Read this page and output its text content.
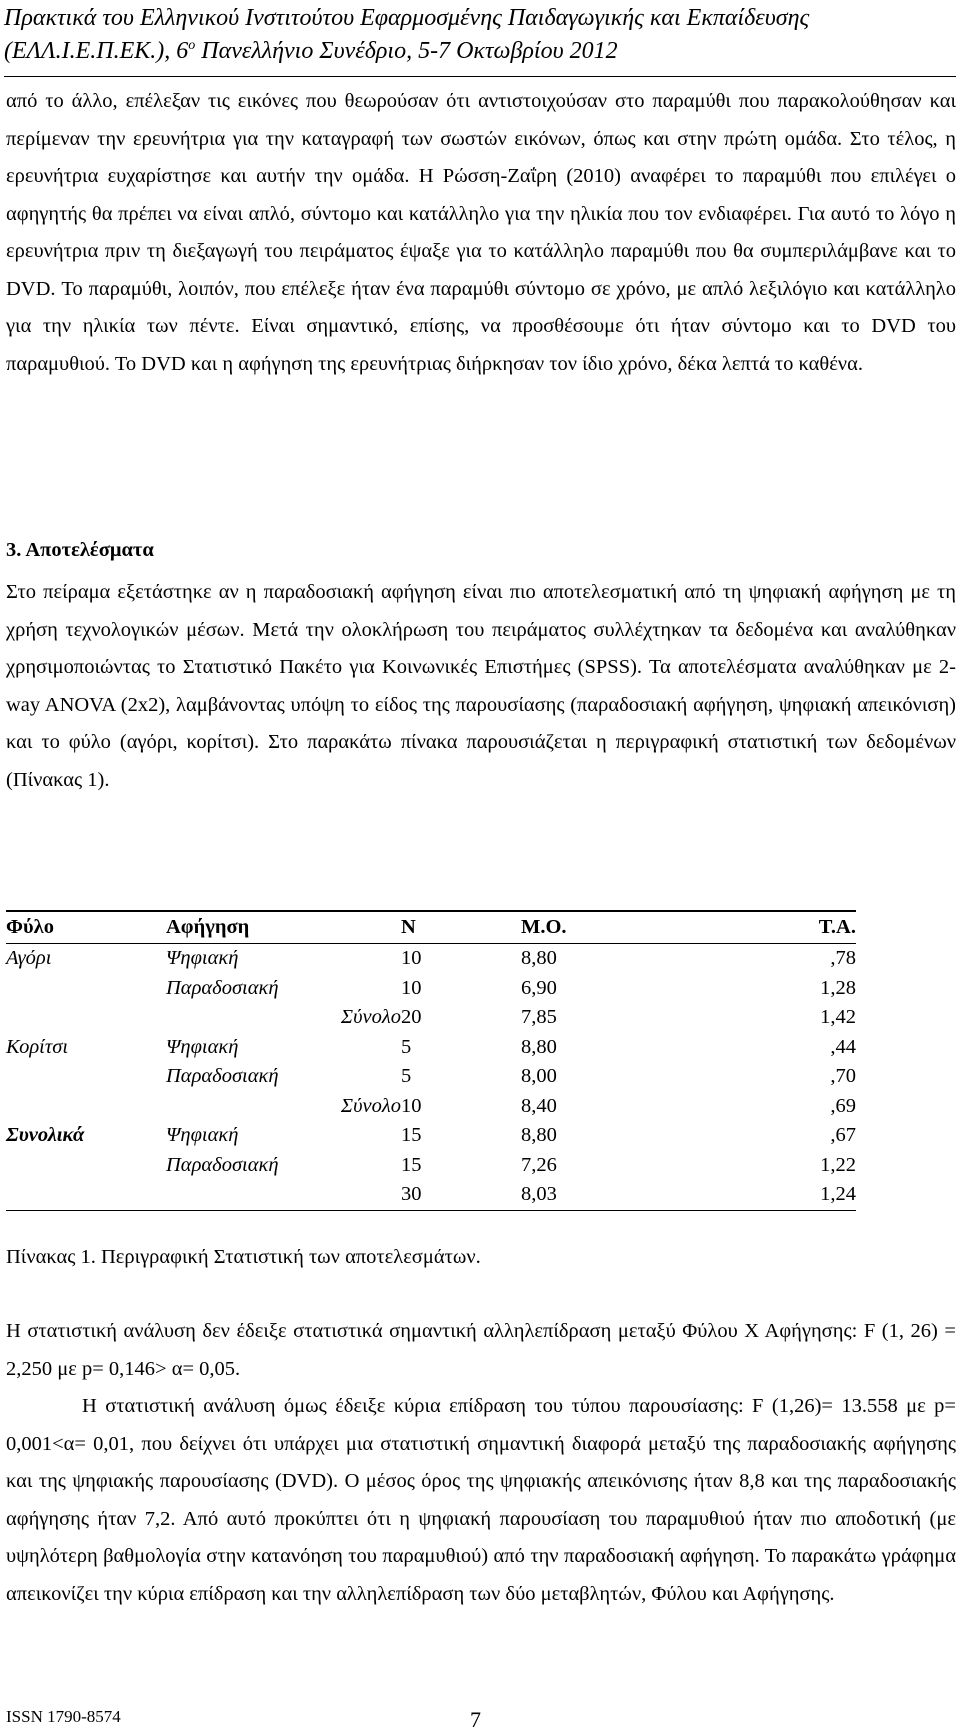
Πρακτικά του Ελληνικού Ινστιτούτου Εφαρμοσμένης Παιδαγωγικής και Εκπαίδευσης
(ΕΛΛ.Ι.Ε.Π.ΕΚ.), $6^o$ Πανελλήνιο Συνέδριο, 5-7 Οκτωβρίου 2012
από το άλλο, επέλεξαν τις εικόνες που θεωρούσαν ότι αντιστοιχούσαν στο παραμύθι που παρακολούθησαν και περίμεναν την ερευνήτρια για την καταγραφή των σωστών εικόνων, όπως και στην πρώτη ομάδα. Στο τέλος, η ερευνήτρια ευχαρίστησε και αυτήν την ομάδα. Η Ρώσση-Ζαΐρη (2010) αναφέρει το παραμύθι που επιλέγει ο αφηγητής θα πρέπει να είναι απλό, σύντομο και κατάλληλο για την ηλικία που τον ενδιαφέρει. Για αυτό το λόγο η ερευνήτρια πριν τη διεξαγωγή του πειράματος έψαξε για το κατάλληλο παραμύθι που θα συμπεριλάμβανε και το DVD. Το παραμύθι, λοιπόν, που επέλεξε ήταν ένα παραμύθι σύντομο σε χρόνο, με απλό λεξιλόγιο και κατάλληλο για την ηλικία των πέντε. Είναι σημαντικό, επίσης, να προσθέσουμε ότι ήταν σύντομο και το DVD του παραμυθιού. Το DVD και η αφήγηση της ερευνήτριας διήρκησαν τον ίδιο χρόνο, δέκα λεπτά το καθένα.
3. Αποτελέσματα
Στο πείραμα εξετάστηκε αν η παραδοσιακή αφήγηση είναι πιο αποτελεσματική από τη ψηφιακή αφήγηση με τη χρήση τεχνολογικών μέσων. Μετά την ολοκλήρωση του πειράματος συλλέχτηκαν τα δεδομένα και αναλύθηκαν χρησιμοποιώντας το Στατιστικό Πακέτο για Κοινωνικές Επιστήμες (SPSS). Τα αποτελέσματα αναλύθηκαν με 2-way ANOVA (2x2), λαμβάνοντας υπόψη το είδος της παρουσίασης (παραδοσιακή αφήγηση, ψηφιακή απεικόνιση) και το φύλο (αγόρι, κορίτσι). Στο παρακάτω πίνακα παρουσιάζεται η περιγραφική στατιστική των δεδομένων (Πίνακας 1).
Φύλο	Αφήγηση	N	M.O.	T.A.
Αγόρι	Ψηφιακή	10	8,80	,78
	Παραδοσιακή	10	6,90	1,28
	Σύνολο	20	7,85	1,42
Κορίτσι	Ψηφιακή	5	8,80	,44
	Παραδοσιακή	5	8,00	,70
	Σύνολο	10	8,40	,69
Συνολικά	Ψηφιακή	15	8,80	,67
	Παραδοσιακή	15	7,26	1,22
		30	8,03	1,24
Πίνακας 1. Περιγραφική Στατιστική των αποτελεσμάτων.
Η στατιστική ανάλυση δεν έδειξε στατιστικά σημαντική αλληλεπίδραση μεταξύ Φύλου Χ Αφήγησης: F (1, 26) = 2,250 με p= 0,146> α= 0,05.
Η στατιστική ανάλυση όμως έδειξε κύρια επίδραση του τύπου παρουσίασης: F (1,26)= 13.558 με p= 0,001<α= 0,01, που δείχνει ότι υπάρχει μια στατιστική σημαντική διαφορά μεταξύ της παραδοσιακής αφήγησης και της ψηφιακής παρουσίασης (DVD). Ο μέσος όρος της ψηφιακής απεικόνισης ήταν 8,8 και της παραδοσιακής αφήγησης ήταν 7,2. Από αυτό προκύπτει ότι η ψηφιακή παρουσίαση του παραμυθιού ήταν πιο αποδοτική (με υψηλότερη βαθμολογία στην κατανόηση του παραμυθιού) από την παραδοσιακή αφήγηση. Το παρακάτω γράφημα απεικονίζει την κύρια επίδραση και την αλληλεπίδραση των δύο μεταβλητών, Φύλου και Αφήγησης.
ISSN 1790-8574	7
